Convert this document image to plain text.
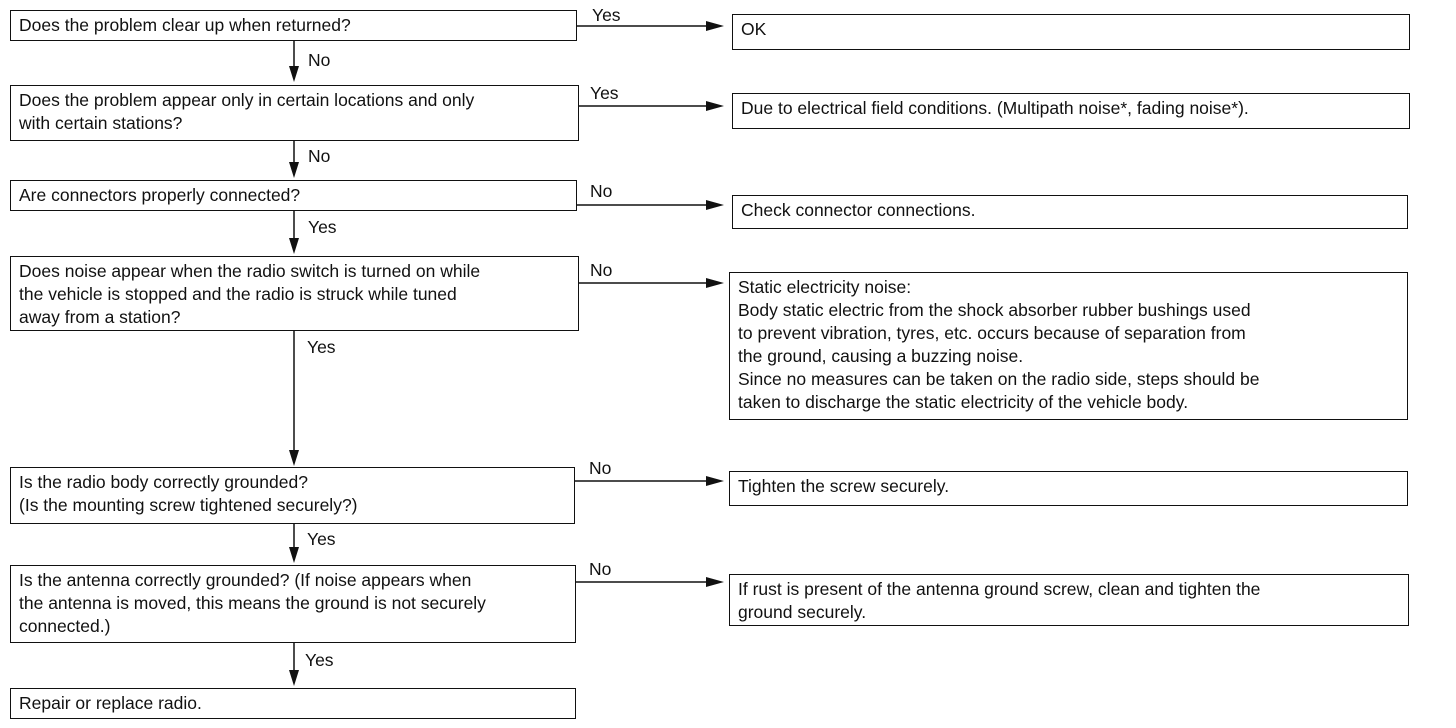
Does the problem clear up when returned?
Does the problem appear only in certain locations and only
with certain stations?
Are connectors properly connected?
Does noise appear when the radio switch is turned on while
the vehicle is stopped and the radio is struck while tuned
away from a station?
Is the radio body correctly grounded?
(Is the mounting screw tightened securely?)
Is the antenna correctly grounded? (If noise appears when
the antenna is moved, this means the ground is not securely
connected.)
Repair or replace radio.
OK
Due to electrical field conditions. (Multipath noise*, fading noise*).
Check connector connections.
Static electricity noise:
Body static electric from the shock absorber rubber bushings used
to prevent vibration, tyres, etc. occurs because of separation from
the ground, causing a buzzing noise.
Since no measures can be taken on the radio side, steps should be
taken to discharge the static electricity of the vehicle body.
Tighten the screw securely.
If rust is present of the antenna ground screw, clean and tighten the
ground securely.
Yes
Yes
No
No
No
No
No
No
Yes
Yes
Yes
Yes
